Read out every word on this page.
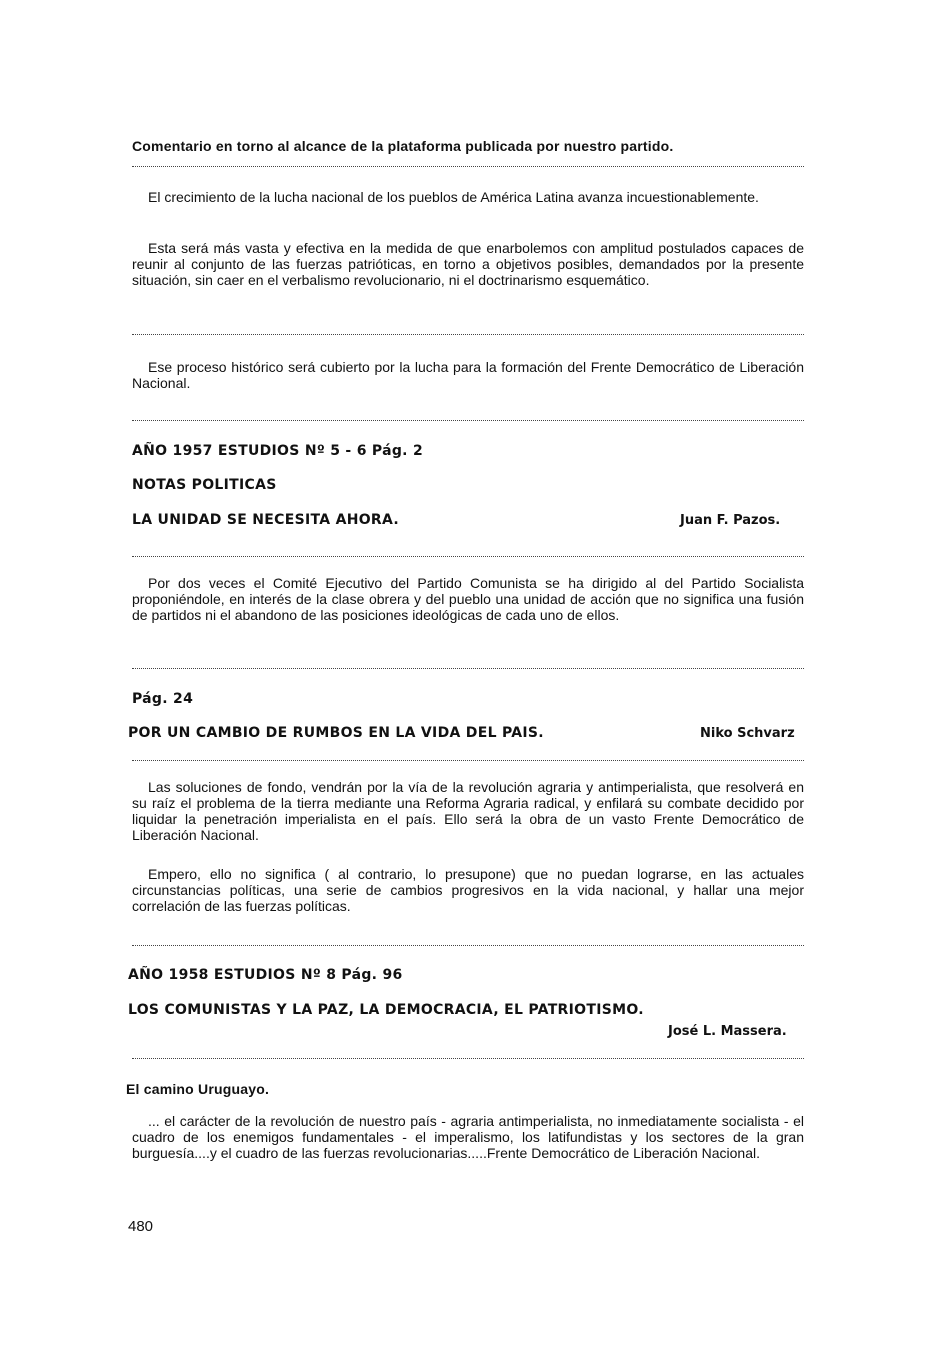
Comentario en torno al alcance de la plataforma publicada por nuestro partido.
El crecimiento de la lucha nacional de los pueblos de América Latina avanza incuestionablemente.
Esta será más vasta y efectiva en la medida de que enarbolemos con amplitud postulados capaces de reunir al conjunto de las fuerzas patrióticas, en torno a objetivos posibles, demandados por la presente situación, sin caer en el verbalismo revolucionario, ni el doctrinarismo esquemático.
Ese proceso histórico será cubierto por la lucha para la formación del Frente Democrático de Liberación Nacional.
AÑO 1957 ESTUDIOS Nº 5 - 6 Pág. 2
NOTAS POLITICAS
LA UNIDAD SE NECESITA AHORA.	Juan F. Pazos.
Por dos veces el Comité Ejecutivo del Partido Comunista se ha dirigido al del Partido Socialista proponiéndole, en interés de la clase obrera y del pueblo una unidad de acción que no significa una fusión de partidos ni el abandono de las posiciones ideológicas de cada uno de ellos.
Pág. 24
POR UN CAMBIO DE RUMBOS EN LA VIDA DEL PAIS.	Niko Schvarz
Las soluciones de fondo, vendrán por la vía de la revolución agraria y antimperialista, que resolverá en su raíz el problema de la tierra mediante una Reforma Agraria radical, y enfilará su combate decidido por liquidar la penetración imperialista en el país. Ello será la obra de un vasto Frente Democrático de Liberación Nacional.
Empero, ello no significa ( al contrario, lo presupone) que no puedan lograrse, en las actuales circunstancias políticas, una serie de cambios progresivos en la vida nacional, y hallar una mejor correlación de las fuerzas políticas.
AÑO 1958 ESTUDIOS Nº 8 Pág. 96
LOS COMUNISTAS Y LA PAZ, LA DEMOCRACIA, EL PATRIOTISMO.
José L. Massera.
El camino Uruguayo.
... el carácter de la revolución de nuestro país - agraria antimperialista, no inmediatamente socialista - el cuadro de los enemigos fundamentales - el imperalismo, los latifundistas y los sectores de la gran burguesía....y el cuadro de las fuerzas revolucionarias.....Frente Democrático de Liberación Nacional.
480
